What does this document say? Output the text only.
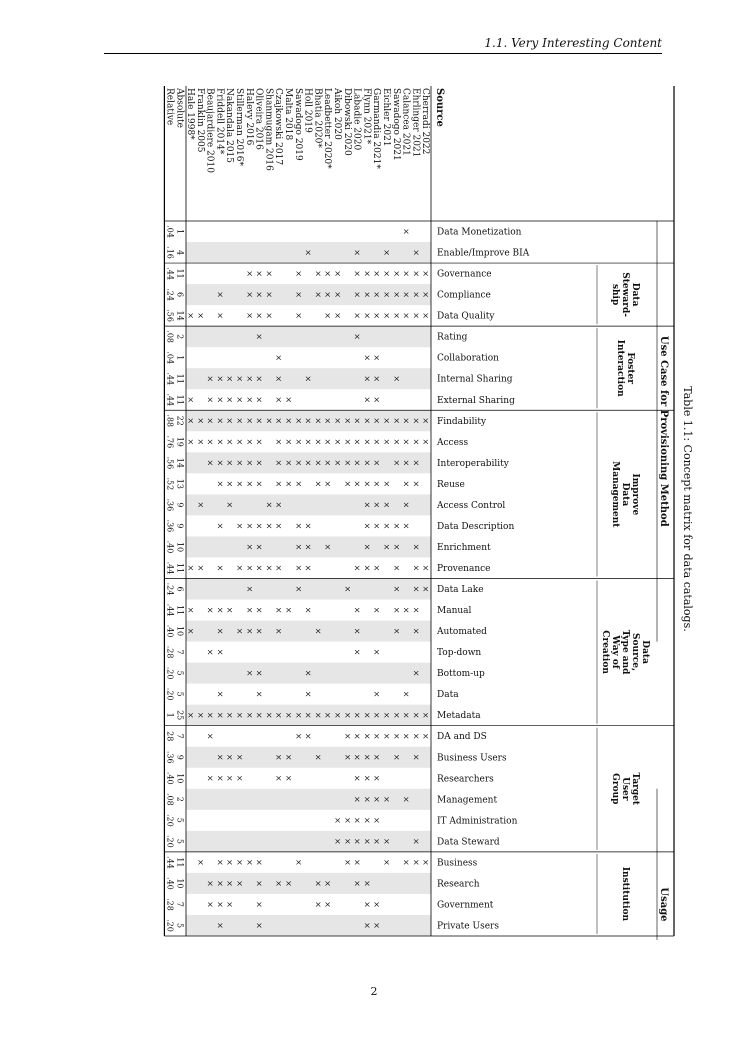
1.1. Very Interesting Content
Table 1.1: Concept matrix for data catalogs.
Use Case for Provisioning Method
Usage
Data
Steward-
ship
Foster
Interaction
Improve
Data
Management
Data
Source,
Type and
Way of
Creation
Target
User
Group
Institution
Data Monetization
Enable/Improve BIA
Governance
Compliance
Data Quality
Rating
Collaboration
Internal Sharing
External Sharing
Findability
Access
Interoperability
Reuse
Access Control
Data Description
Enrichment
Provenance
Data Lake
Manual
Automated
Top-down
Bottom-up
Data
Metadata
DA and DS
Business Users
Researchers
Management
IT Administration
Data Steward
Business
Research
Government
Private Users
Source
Cherradi 2022
×
×
×
×
×
×
×
×
×
×
Ehrlinger 2021
×
×
×
×
×
×
×
×
×
×
×
×
×
×
×
×
×
×
×
Calancea 2021
×
×
×
×
×
×
×
×
×
×
×
×
×
×
×
×
Sawadogo 2021
×
×
×
×
×
×
×
×
×
×
×
×
×
×
×
×
Eichler 2021
×
×
×
×
×
×
×
×
×
×
×
×
×
×
×
Garmandia 2021*
×
×
×
×
×
×
×
×
×
×
×
×
×
×
×
×
×
×
×
×
×
×
×
×
×
Flynn 2021*
×
×
×
×
×
×
×
×
×
×
×
×
×
×
×
×
×
×
×
×
×
×
×
×
Labadie 2020
×
×
×
×
×
×
×
×
×
×
×
×
×
×
×
×
×
×
×
×
×
×
Dibowski 2020
×
×
×
×
×
×
×
×
×
×
×
Aikoh 2020
×
×
×
×
×
×
×
×
×
Leadbetter 2020*
×
×
×
×
×
×
×
×
×
×
×
Bhatia 2020*
×
×
×
×
×
×
×
×
×
×
×
Holl 2019
×
×
×
×
×
×
×
×
×
×
×
×
×
Sawadogo 2019
×
×
×
×
×
×
×
×
×
×
×
×
×
×
Malta 2018
×
×
×
×
×
×
×
×
×
×
Czajkowski 2017
×
×
×
×
×
×
×
×
×
×
×
×
×
×
×
×
Shanmugam 2016
×
×
×
×
×
×
×
×
Oliveira 2016
×
×
×
×
×
×
×
×
×
×
×
×
×
×
×
×
×
×
×
×
×
×
Halevy 2016
×
×
×
×
×
×
×
×
×
×
×
×
×
×
×
×
×
×
Stillerman 2016*
×
×
×
×
×
×
×
×
×
×
×
×
×
×
Nakandala 2015
×
×
×
×
×
×
×
×
×
×
×
×
×
×
Friddell 2014*
×
×
×
×
×
×
×
×
×
×
×
×
×
×
×
×
×
×
×
×
×
Beaujardiere 2010
×
×
×
×
×
×
×
×
×
×
×
×
Franklin 2005
×
×
×
×
×
×
×
Hale 1998*
×
×
×
×
×
×
×
×
Absolute
Relative
1
4
11
6
14
2
1
11
11
22
19
14
13
9
9
10
11
6
11
10
7
5
5
25
7
9
10
2
5
5
11
10
7
5
.04
.16
.44
.24
.56
.08
.04
.44
.44
.88
.76
.56
.52
.36
.36
.40
.44
.24
.44
.40
.28
.20
.20
1
28
.36
.40
.08
.20
.20
.44
.40
.28
.20
2
